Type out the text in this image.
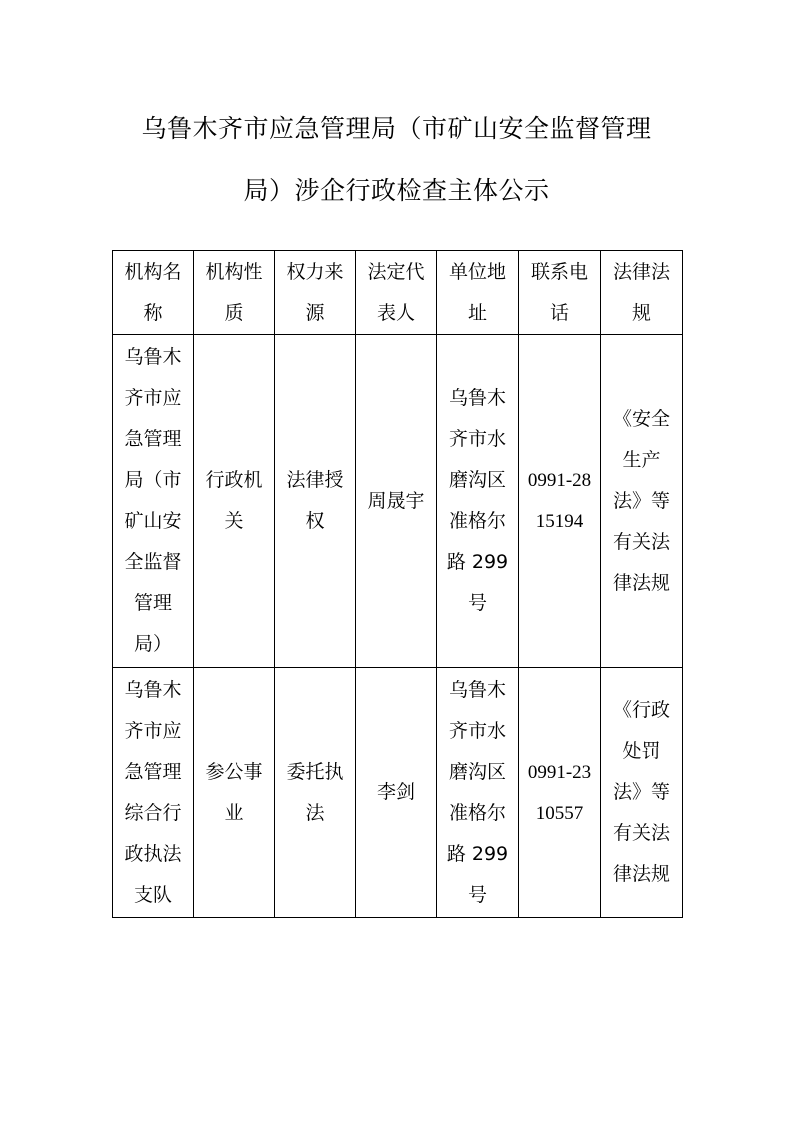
乌鲁木齐市应急管理局（市矿山安全监督管理
局）涉企行政检查主体公示
机构名称	机构性质	权力来源	法定代表人	单位地址	联系电话	法律法规
乌鲁木齐市应急管理局（市矿山安全监督管理局）	行政机关	法律授权	周晟宇	乌鲁木齐市水磨沟区准格尔路 299 号	0991-2815194	《安全生产法》等有关法律法规
乌鲁木齐市应急管理综合行政执法支队	参公事业	委托执法	李剑	乌鲁木齐市水磨沟区准格尔路 299 号	0991-2310557	《行政处罚法》等有关法律法规
